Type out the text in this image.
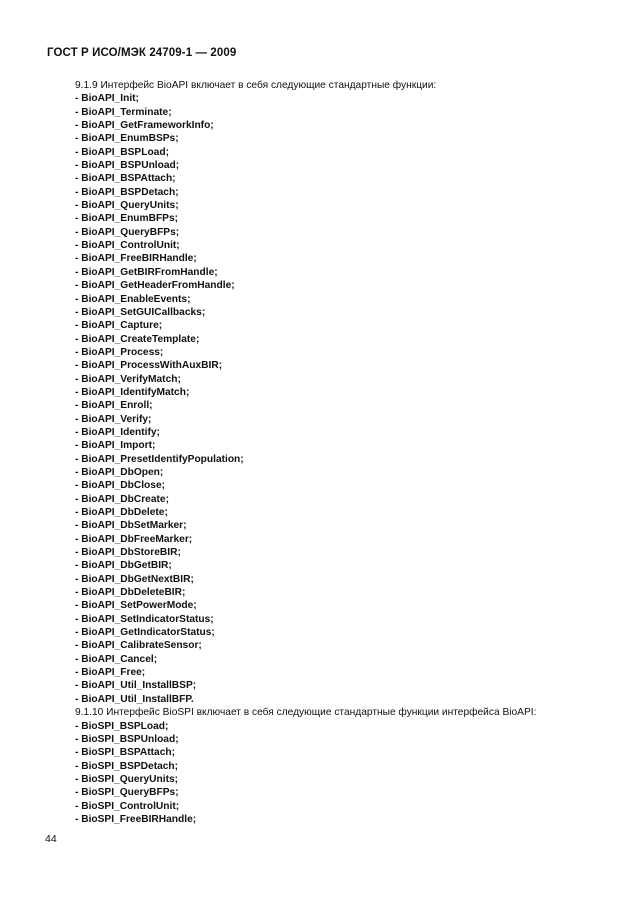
ГОСТ Р ИСО/МЭК 24709-1 — 2009
9.1.9 Интерфейс BioAPI включает в себя следующие стандартные функции:
- BioAPI_Init;
- BioAPI_Terminate;
- BioAPI_GetFrameworkInfo;
- BioAPI_EnumBSPs;
- BioAPI_BSPLoad;
- BioAPI_BSPUnload;
- BioAPI_BSPAttach;
- BioAPI_BSPDetach;
- BioAPI_QueryUnits;
- BioAPI_EnumBFPs;
- BioAPI_QueryBFPs;
- BioAPI_ControlUnit;
- BioAPI_FreeBIRHandle;
- BioAPI_GetBIRFromHandle;
- BioAPI_GetHeaderFromHandle;
- BioAPI_EnableEvents;
- BioAPI_SetGUICallbacks;
- BioAPI_Capture;
- BioAPI_CreateTemplate;
- BioAPI_Process;
- BioAPI_ProcessWithAuxBIR;
- BioAPI_VerifyMatch;
- BioAPI_IdentifyMatch;
- BioAPI_Enroll;
- BioAPI_Verify;
- BioAPI_Identify;
- BioAPI_Import;
- BioAPI_PresetIdentifyPopulation;
- BioAPI_DbOpen;
- BioAPI_DbClose;
- BioAPI_DbCreate;
- BioAPI_DbDelete;
- BioAPI_DbSetMarker;
- BioAPI_DbFreeMarker;
- BioAPI_DbStoreBIR;
- BioAPI_DbGetBIR;
- BioAPI_DbGetNextBIR;
- BioAPI_DbDeleteBIR;
- BioAPI_SetPowerMode;
- BioAPI_SetIndicatorStatus;
- BioAPI_GetIndicatorStatus;
- BioAPI_CalibrateSensor;
- BioAPI_Cancel;
- BioAPI_Free;
- BioAPI_Util_InstallBSP;
- BioAPI_Util_InstallBFP.
9.1.10 Интерфейс BioSPI включает в себя следующие стандартные функции интерфейса BioAPI:
- BioSPI_BSPLoad;
- BioSPI_BSPUnload;
- BioSPI_BSPAttach;
- BioSPI_BSPDetach;
- BioSPI_QueryUnits;
- BioSPI_QueryBFPs;
- BioSPI_ControlUnit;
- BioSPI_FreeBIRHandle;
44
